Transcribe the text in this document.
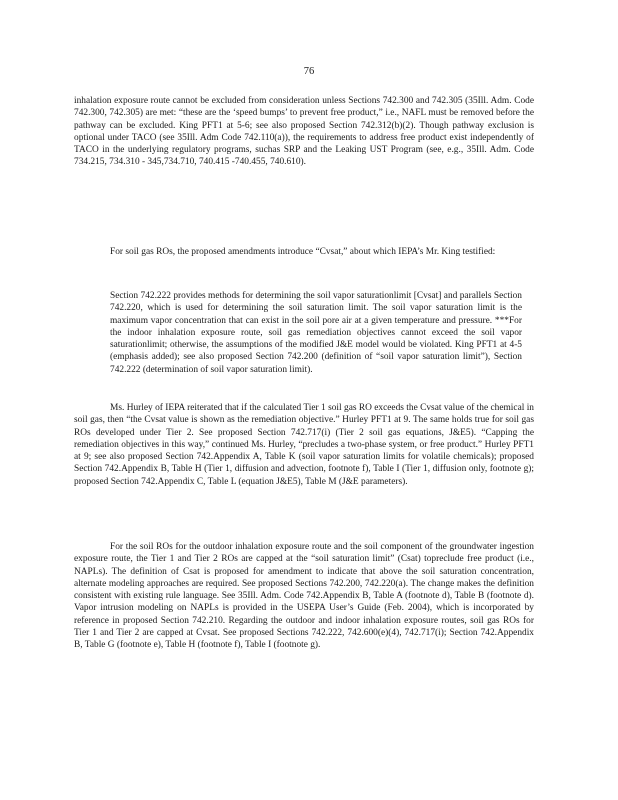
76

inhalation exposure route cannot be excluded from consideration unless Sections 742.300 and 742.305 (35Ill. Adm. Code 742.300, 742.305) are met: “these are the ‘speed bumps’ to prevent free product,” i.e., NAFL must be removed before the pathway can be excluded. King PFT1 at 5-6; see also proposed Section 742.312(b)(2). Though pathway exclusion is optional under TACO (see 35Ill. Adm Code 742.110(a)), the requirements to address free product exist independently of TACO in the underlying regulatory programs, suchas SRP and the Leaking UST Program (see, e.g., 35Ill. Adm. Code 734.215, 734.310 - 345,734.710, 740.415 -740.455, 740.610).

For soil gas ROs, the proposed amendments introduce “Cvsat,” about which IEPA’s Mr. King testified:

Section 742.222 provides methods for determining the soil vapor saturationlimit [Cvsat] and parallels Section 742.220, which is used for determining the soil saturation limit. The soil vapor saturation limit is the maximum vapor concentration that can exist in the soil pore air at a given temperature and pressure. ***For the indoor inhalation exposure route, soil gas remediation objectives cannot exceed the soil vapor saturationlimit; otherwise, the assumptions of the modified J&E model would be violated. King PFT1 at 4-5 (emphasis added); see also proposed Section 742.200 (definition of “soil vapor saturation limit”), Section 742.222 (determination of soil vapor saturation limit).

Ms. Hurley of IEPA reiterated that if the calculated Tier 1 soil gas RO exceeds the Cvsat value of the chemical in soil gas, then “the Cvsat value is shown as the remediation objective.” Hurley PFT1 at 9. The same holds true for soil gas ROs developed under Tier 2. See proposed Section 742.717(i) (Tier 2 soil gas equations, J&E5). “Capping the remediation objectives in this way,” continued Ms. Hurley, “precludes a two-phase system, or free product.” Hurley PFT1 at 9; see also proposed Section 742.Appendix A, Table K (soil vapor saturation limits for volatile chemicals); proposed Section 742.Appendix B, Table H (Tier 1, diffusion and advection, footnote f), Table I (Tier 1, diffusion only, footnote g); proposed Section 742.Appendix C, Table L (equation J&E5), Table M (J&E parameters).

For the soil ROs for the outdoor inhalation exposure route and the soil component of the groundwater ingestion exposure route, the Tier 1 and Tier 2 ROs are capped at the “soil saturation limit” (Csat) topreclude free product (i.e., NAPLs). The definition of Csat is proposed for amendment to indicate that above the soil saturation concentration, alternate modeling approaches are required. See proposed Sections 742.200, 742.220(a). The change makes the definition consistent with existing rule language. See 35Ill. Adm. Code 742.Appendix B, Table A (footnote d), Table B (footnote d). Vapor intrusion modeling on NAPLs is provided in the USEPA User’s Guide (Feb. 2004), which is incorporated by reference in proposed Section 742.210. Regarding the outdoor and indoor inhalation exposure routes, soil gas ROs for Tier 1 and Tier 2 are capped at Cvsat. See proposed Sections 742.222, 742.600(e)(4), 742.717(i); Section 742.Appendix B, Table G (footnote e), Table H (footnote f), Table I (footnote g).
